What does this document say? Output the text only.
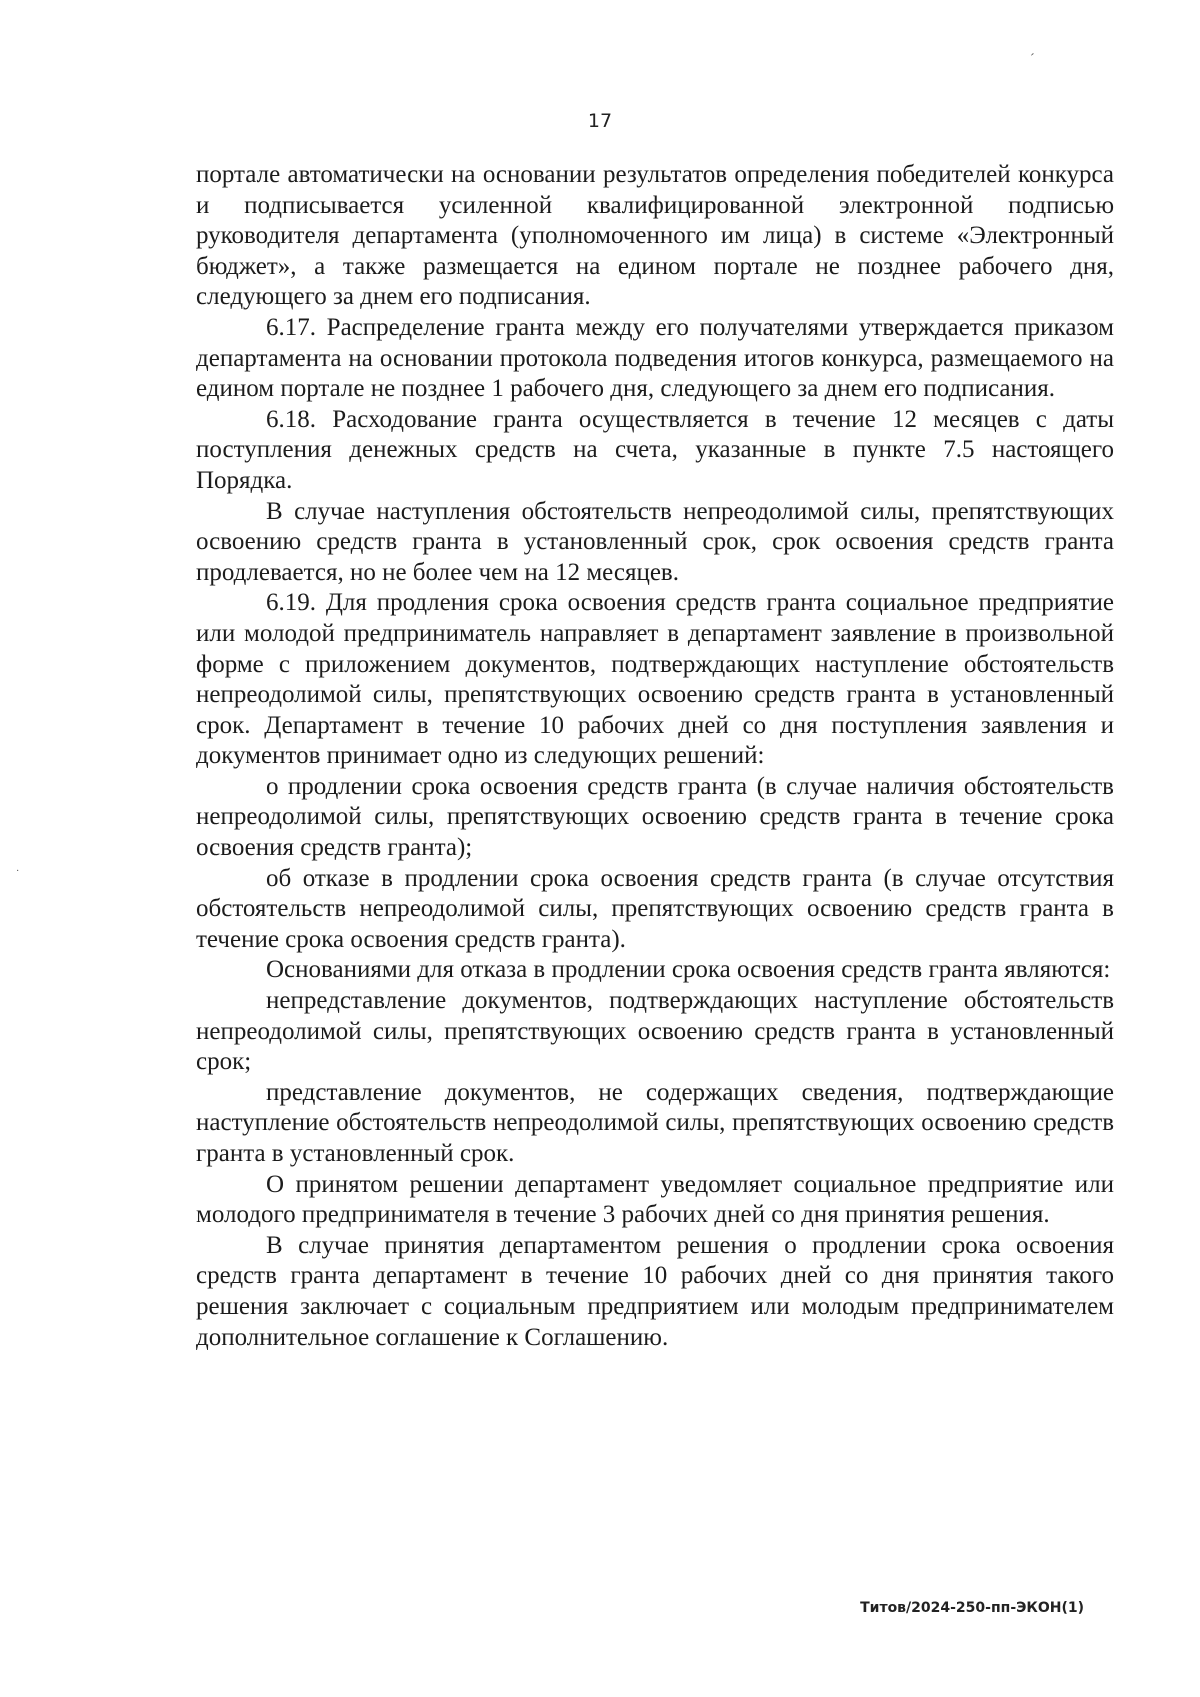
17

портале автоматически на основании результатов определения победителей конкурса и подписывается усиленной квалифицированной электронной подписью руководителя департамента (уполномоченного им лица) в системе «Электронный бюджет», а также размещается на едином портале не позднее рабочего дня, следующего за днем его подписания.

6.17. Распределение гранта между его получателями утверждается приказом департамента на основании протокола подведения итогов конкурса, размещаемого на едином портале не позднее 1 рабочего дня, следующего за днем его подписания.

6.18. Расходование гранта осуществляется в течение 12 месяцев с даты поступления денежных средств на счета, указанные в пункте 7.5 настоящего Порядка.

В случае наступления обстоятельств непреодолимой силы, препятствующих освоению средств гранта в установленный срок, срок освоения средств гранта продлевается, но не более чем на 12 месяцев.

6.19. Для продления срока освоения средств гранта социальное предприятие или молодой предприниматель направляет в департамент заявление в произвольной форме с приложением документов, подтверждающих наступление обстоятельств непреодолимой силы, препятствующих освоению средств гранта в установленный срок. Департамент в течение 10 рабочих дней со дня поступления заявления и документов принимает одно из следующих решений:

о продлении срока освоения средств гранта (в случае наличия обстоятельств непреодолимой силы, препятствующих освоению средств гранта в течение срока освоения средств гранта);

об отказе в продлении срока освоения средств гранта (в случае отсутствия обстоятельств непреодолимой силы, препятствующих освоению средств гранта в течение срока освоения средств гранта).

Основаниями для отказа в продлении срока освоения средств гранта являются:

непредставление документов, подтверждающих наступление обстоятельств непреодолимой силы, препятствующих освоению средств гранта в установленный срок;

представление документов, не содержащих сведения, подтверждающие наступление обстоятельств непреодолимой силы, препятствующих освоению средств гранта в установленный срок.

О принятом решении департамент уведомляет социальное предприятие или молодого предпринимателя в течение 3 рабочих дней со дня принятия решения.

В случае принятия департаментом решения о продлении срока освоения средств гранта департамент в течение 10 рабочих дней со дня принятия такого решения заключает с социальным предприятием или молодым предпринимателем дополнительное соглашение к Соглашению.

Титов/2024-250-пп-ЭКОН(1)
ˊ
·
